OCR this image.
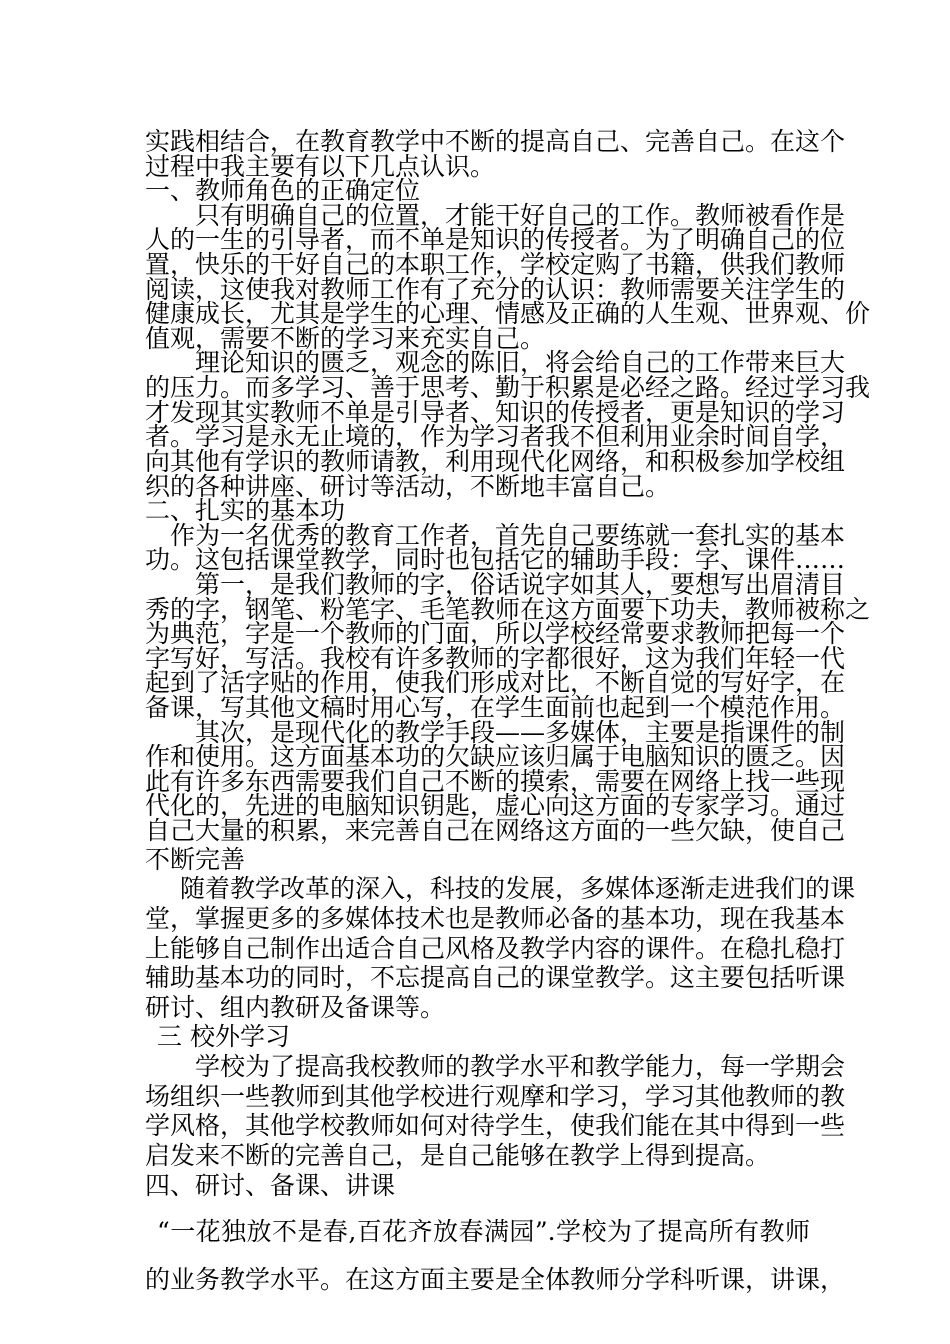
实践相结合，在教育教学中不断的提高自己、完善自己。在这个
过程中我主要有以下几点认识。
一、教师角色的正确定位
只有明确自己的位置，才能干好自己的工作。教师被看作是
人的一生的引导者，而不单是知识的传授者。为了明确自己的位
置，快乐的干好自己的本职工作，学校定购了书籍，供我们教师
阅读，这使我对教师工作有了充分的认识：教师需要关注学生的
健康成长，尤其是学生的心理、情感及正确的人生观、世界观、价
值观，需要不断的学习来充实自己。
理论知识的匮乏，观念的陈旧，将会给自己的工作带来巨大
的压力。而多学习、善于思考、勤于积累是必经之路。经过学习我
才发现其实教师不单是引导者、知识的传授者，更是知识的学习
者。学习是永无止境的，作为学习者我不但利用业余时间自学，
向其他有学识的教师请教，利用现代化网络，和积极参加学校组
织的各种讲座、研讨等活动，不断地丰富自己。
二、扎实的基本功
作为一名优秀的教育工作者，首先自己要练就一套扎实的基本
功。这包括课堂教学，同时也包括它的辅助手段：字、课件……
第一，是我们教师的字，俗话说字如其人，要想写出眉清目
秀的字，钢笔、粉笔字、毛笔教师在这方面要下功夫，教师被称之
为典范，字是一个教师的门面，所以学校经常要求教师把每一个
字写好，写活。我校有许多教师的字都很好，这为我们年轻一代
起到了活字贴的作用，使我们形成对比，不断自觉的写好字，在
备课，写其他文稿时用心写，在学生面前也起到一个模范作用。
其次，是现代化的教学手段——多媒体，主要是指课件的制
作和使用。这方面基本功的欠缺应该归属于电脑知识的匮乏。因
此有许多东西需要我们自己不断的摸索，需要在网络上找一些现
代化的，先进的电脑知识钥匙，虚心向这方面的专家学习。通过
自己大量的积累，来完善自己在网络这方面的一些欠缺，使自己
不断完善
随着教学改革的深入，科技的发展，多媒体逐渐走进我们的课
堂，掌握更多的多媒体技术也是教师必备的基本功，现在我基本
上能够自己制作出适合自己风格及教学内容的课件。在稳扎稳打
辅助基本功的同时，不忘提高自己的课堂教学。这主要包括听课
研讨、组内教研及备课等。
三 校外学习
学校为了提高我校教师的教学水平和教学能力，每一学期会
场组织一些教师到其他学校进行观摩和学习，学习其他教师的教
学风格，其他学校教师如何对待学生，使我们能在其中得到一些
启发来不断的完善自己，是自己能够在教学上得到提高。
四、研讨、备课、讲课
“一花独放不是春,百花齐放春满园”.学校为了提高所有教师
的业务教学水平。在这方面主要是全体教师分学科听课，讲课，
